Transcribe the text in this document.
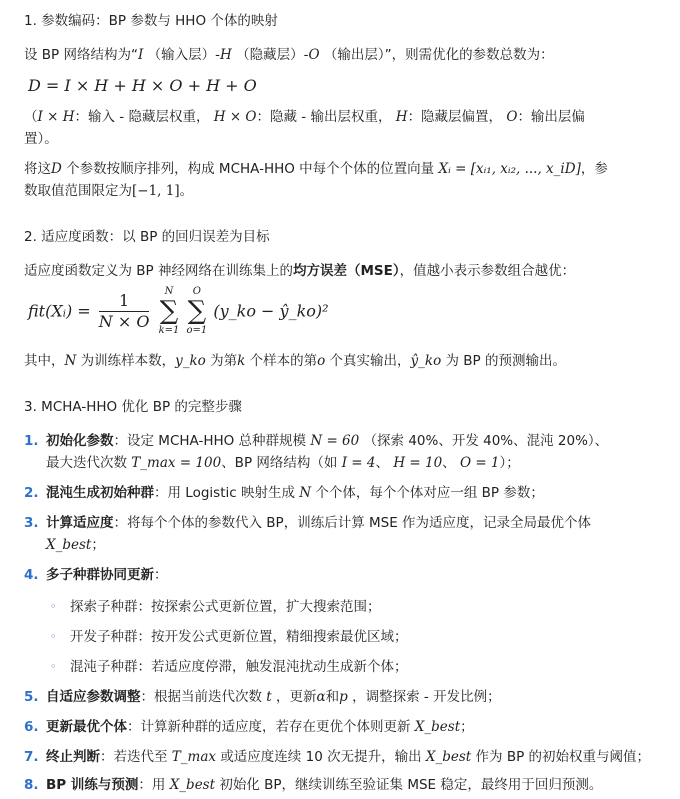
1. 参数编码：BP 参数与 HHO 个体的映射
设 BP 网络结构为“I （输入层）-H （隐藏层）-O （输出层）”，则需优化的参数总数为：
D = I × H + H × O + H + O
（I × H：输入 - 隐藏层权重， H × O：隐藏 - 输出层权重， H：隐藏层偏置， O：输出层偏
置）。
将这D 个参数按顺序排列，构成 MCHA-HHO 中每个个体的位置向量 Xᵢ = [xᵢ₁, xᵢ₂, ..., x_iD]，参
数取值范围限定为[−1, 1]。
2. 适应度函数：以 BP 的回归误差为目标
适应度函数定义为 BP 神经网络在训练集上的均方误差（MSE），值越小表示参数组合越优：
fit(Xᵢ) = $\frac{1}{N \times O}$
	N
∑
k=1

O
∑
o=1
(y_ko − ŷ_ko)²
其中，N 为训练样本数，y_ko 为第k 个样本的第o 个真实输出，ŷ_ko 为 BP 的预测输出。
3. MCHA-HHO 优化 BP 的完整步骤
1. 初始化参数：设定 MCHA-HHO 总种群规模 N = 60 （探索 40%、开发 40%、混沌 20%）、
最大迭代次数 T_max = 100、BP 网络结构（如 I = 4、 H = 10、 O = 1）；
2. 混沌生成初始种群：用 Logistic 映射生成 N 个个体，每个个体对应一组 BP 参数；
3. 计算适应度：将每个个体的参数代入 BP，训练后计算 MSE 作为适应度，记录全局最优个体
X_best；
4. 多子种群协同更新：
◦ 探索子种群：按探索公式更新位置，扩大搜索范围；
◦ 开发子种群：按开发公式更新位置，精细搜索最优区域；
◦ 混沌子种群：若适应度停滞，触发混沌扰动生成新个体；
5. 自适应参数调整：根据当前迭代次数 t ，更新α和p ，调整探索 - 开发比例；
6. 更新最优个体：计算新种群的适应度，若存在更优个体则更新 X_best；
7. 终止判断：若迭代至 T_max 或适应度连续 10 次无提升，输出 X_best 作为 BP 的初始权重与阈值；
8. BP 训练与预测：用 X_best 初始化 BP，继续训练至验证集 MSE 稳定，最终用于回归预测。
